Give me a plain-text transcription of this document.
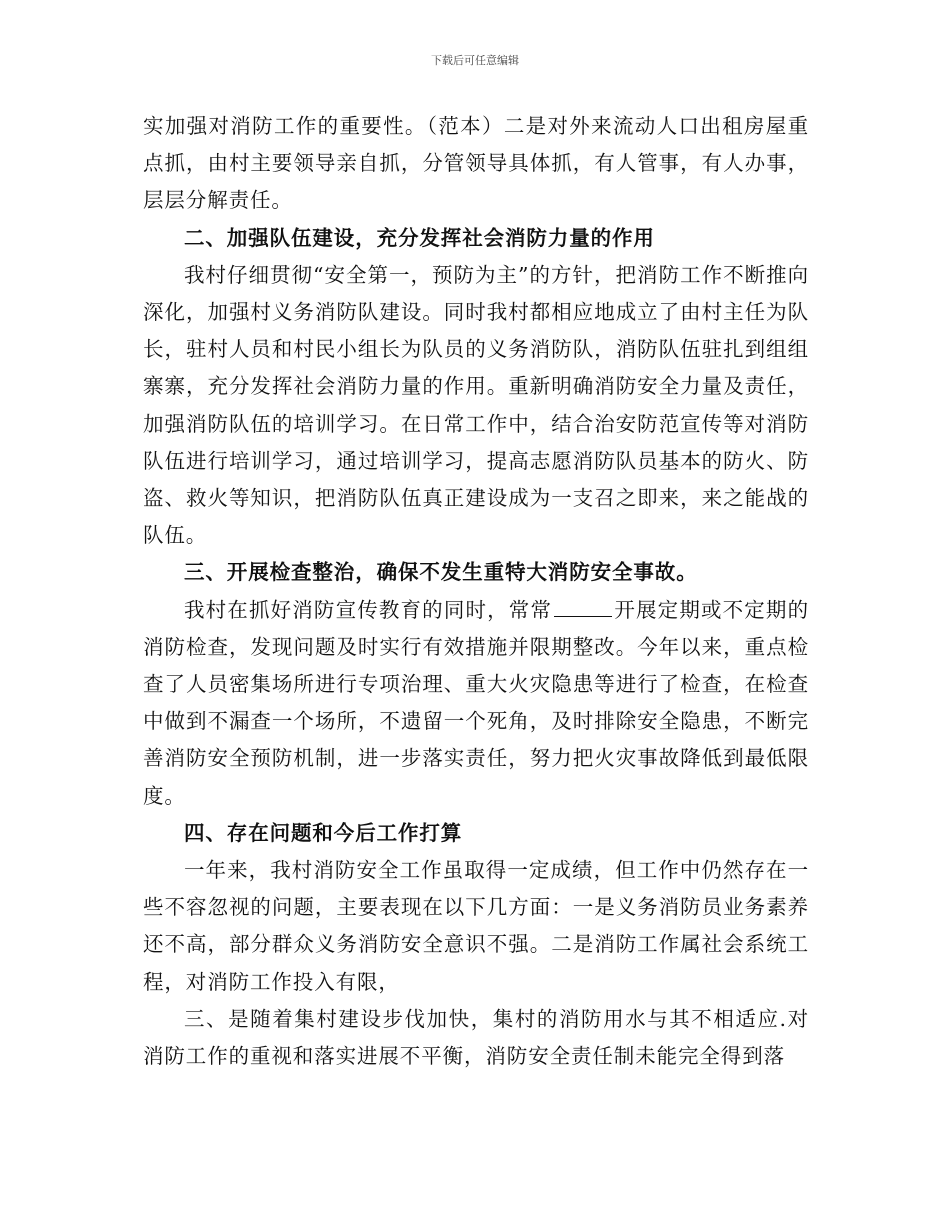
下载后可任意编辑

实加强对消防工作的重要性。（范本）二是对外来流动人口出租房屋重点抓，由村主要领导亲自抓，分管领导具体抓，有人管事，有人办事，层层分解责任。

二、加强队伍建设，充分发挥社会消防力量的作用

我村仔细贯彻“安全第一，预防为主”的方针，把消防工作不断推向深化，加强村义务消防队建设。同时我村都相应地成立了由村主任为队长，驻村人员和村民小组长为队员的义务消防队，消防队伍驻扎到组组寨寨，充分发挥社会消防力量的作用。重新明确消防安全力量及责任，加强消防队伍的培训学习。在日常工作中，结合治安防范宣传等对消防队伍进行培训学习，通过培训学习，提高志愿消防队员基本的防火、防盗、救火等知识，把消防队伍真正建设成为一支召之即来，来之能战的队伍。

三、开展检查整治，确保不发生重特大消防安全事故。

我村在抓好消防宣传教育的同时，常常	开展定期或不定期的消防检查，发现问题及时实行有效措施并限期整改。今年以来，重点检查了人员密集场所进行专项治理、重大火灾隐患等进行了检查，在检查中做到不漏查一个场所，不遗留一个死角，及时排除安全隐患，不断完善消防安全预防机制，进一步落实责任，努力把火灾事故降低到最低限度。

四、存在问题和今后工作打算

一年来，我村消防安全工作虽取得一定成绩，但工作中仍然存在一些不容忽视的问题，主要表现在以下几方面：一是义务消防员业务素养还不高，部分群众义务消防安全意识不强。二是消防工作属社会系统工程，对消防工作投入有限，

三、是随着集村建设步伐加快，集村的消防用水与其不相适应.对消防工作的重视和落实进展不平衡，消防安全责任制未能完全得到落
